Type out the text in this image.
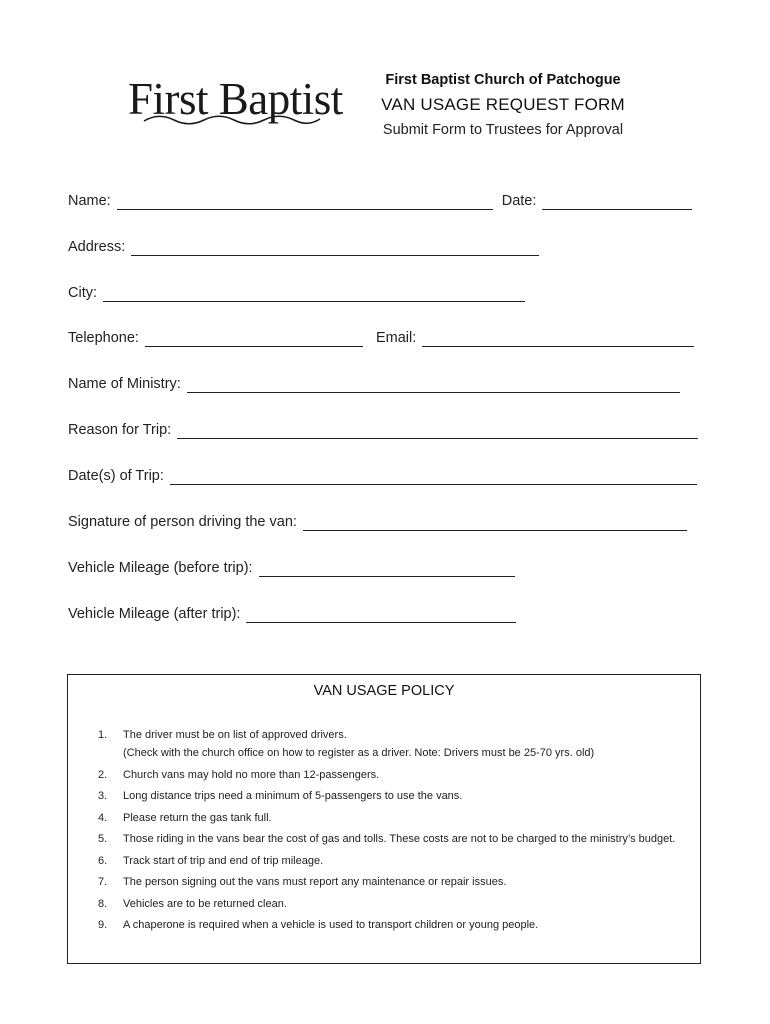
First Baptist	First Baptist Church of Patchogue
VAN USAGE REQUEST FORM
Submit Form to Trustees for Approval
Name:	Date:
Address:
City:
Telephone:	Email:
Name of Ministry:
Reason for Trip:
Date(s) of Trip:
Signature of person driving the van:
Vehicle Mileage (before trip):
Vehicle Mileage (after trip):
VAN USAGE POLICY
1.	The driver must be on list of approved drivers.
(Check with the church office on how to register as a driver. Note: Drivers must be 25-70 yrs. old)
2.	Church vans may hold no more than 12-passengers.
3.	Long distance trips need a minimum of 5-passengers to use the vans.
4.	Please return the gas tank full.
5.	Those riding in the vans bear the cost of gas and tolls. These costs are not to be charged to the ministry’s budget.
6.	Track start of trip and end of trip mileage.
7.	The person signing out the vans must report any maintenance or repair issues.
8.	Vehicles are to be returned clean.
9.	A chaperone is required when a vehicle is used to transport children or young people.
